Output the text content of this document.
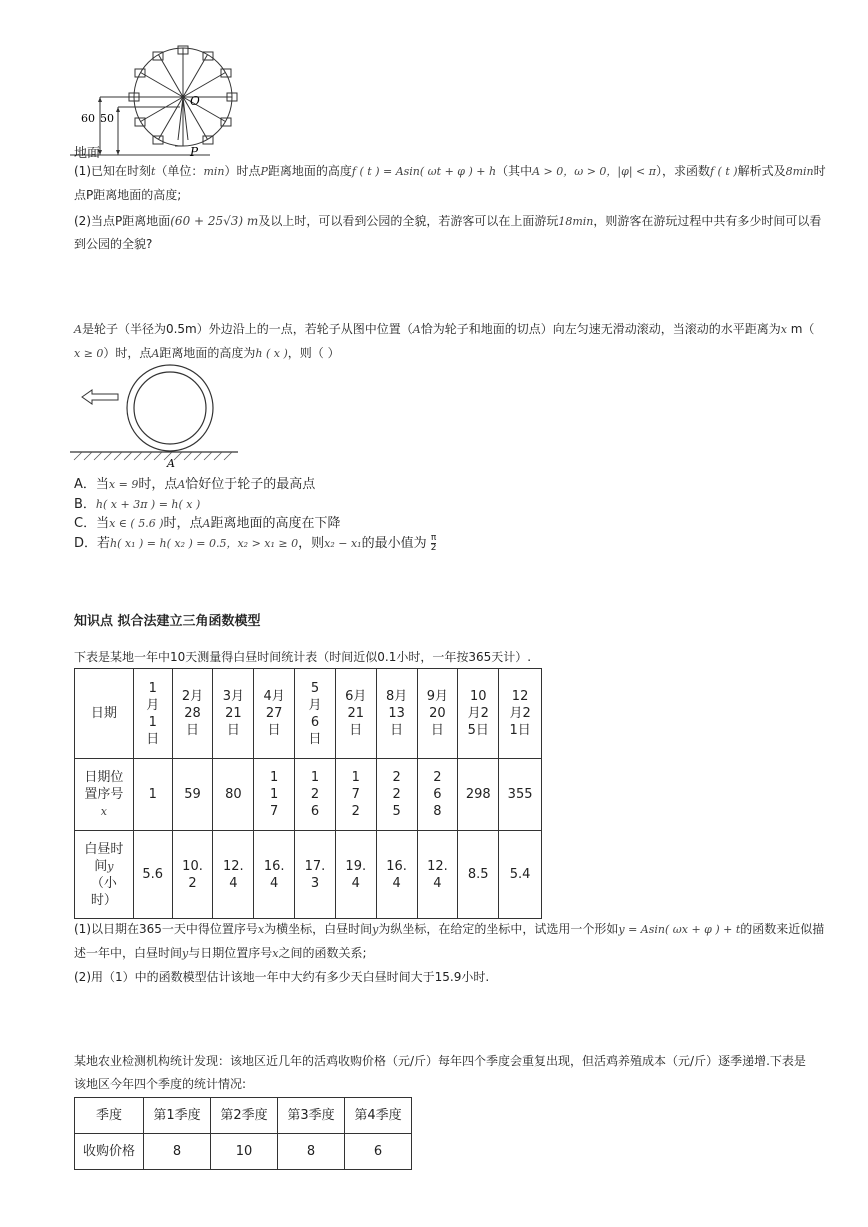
60 50
O
P
地面
(1)已知在时刻t（单位：min）时点P距离地面的高度f ( t ) = Asin( ωt + φ ) + h（其中A > 0，ω > 0，|φ| < π），求函数f ( t )解析式及8min时
点P距离地面的高度;
(2)当点P距离地面(60 + 25√3) m及以上时，可以看到公园的全貌，若游客可以在上面游玩18min，则游客在游玩过程中共有多少时间可以看
到公园的全貌?
A是轮子（半径为0.5m）外边沿上的一点，若轮子从图中位置（A恰为轮子和地面的切点）向左匀速无滑动滚动，当滚动的水平距离为x m（
x ≥ 0）时，点A距离地面的高度为h ( x )，则（ ）
A
A．当x = 9时，点A恰好位于轮子的最高点
B．h( x + 3π ) = h( x )
C．当x ∈ ( 5.6 )时，点A距离地面的高度在下降
D．若h( x₁ ) = h( x₂ ) = 0.5，x₂ > x₁ ≥ 0，则x₂ − x₁的最小值为 $\frac{\pi}{2}$
知识点 拟合法建立三角函数模型
下表是某地一年中10天测量得白昼时间统计表（时间近似0.1小时，一年按365天计）.
日期	1月1日	2月28日	3月21日	4月27日	5月6日	6月21日	8月13日	9月20日	10月25日	12月21日
日期位置序号x	1	59	80	117	126	172	225	268	298	355
白昼时间y（小时）	5.6	10.2	12.4	16.4	17.3	19.4	16.4	12.4	8.5	5.4
(1)以日期在365一天中得位置序号x为横坐标，白昼时间y为纵坐标，在给定的坐标中，试选用一个形如y = Asin( ωx + φ ) + t的函数来近似描
述一年中，白昼时间y与日期位置序号x之间的函数关系;
(2)用（1）中的函数模型估计该地一年中大约有多少天白昼时间大于15.9小时.
某地农业检测机构统计发现：该地区近几年的活鸡收购价格（元/斤）每年四个季度会重复出现，但活鸡养殖成本（元/斤）逐季递增.下表是
该地区今年四个季度的统计情况:
季度	第1季度	第2季度	第3季度	第4季度
收购价格	8	10	8	6
